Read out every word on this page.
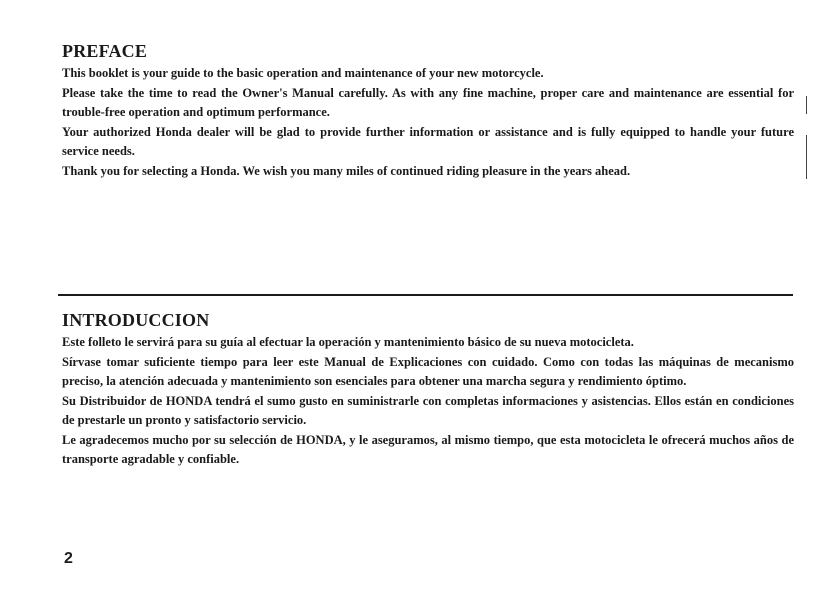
PREFACE

This booklet is your guide to the basic operation and maintenance of your new motorcycle.

Please take the time to read the Owner's Manual carefully. As with any fine machine, proper care and maintenance are essential for trouble-free operation and optimum performance.

Your authorized Honda dealer will be glad to provide further information or assistance and is fully equipped to handle your future service needs.

Thank you for selecting a Honda. We wish you many miles of continued riding pleasure in the years ahead.

INTRODUCCION

Este folleto le servirá para su guía al efectuar la operación y mantenimiento básico de su nueva motocicleta.

Sírvase tomar suficiente tiempo para leer este Manual de Explicaciones con cuidado. Como con todas las máquinas de mecanismo preciso, la atención adecuada y mantenimiento son esenciales para obtener una marcha segura y rendimiento óptimo.

Su Distribuidor de HONDA tendrá el sumo gusto en suministrarle con completas informaciones y asistencias. Ellos están en condiciones de prestarle un pronto y satisfactorio servicio.

Le agradecemos mucho por su selección de HONDA, y le aseguramos, al mismo tiempo, que esta motocicleta le ofrecerá muchos años de transporte agradable y confiable.

2
